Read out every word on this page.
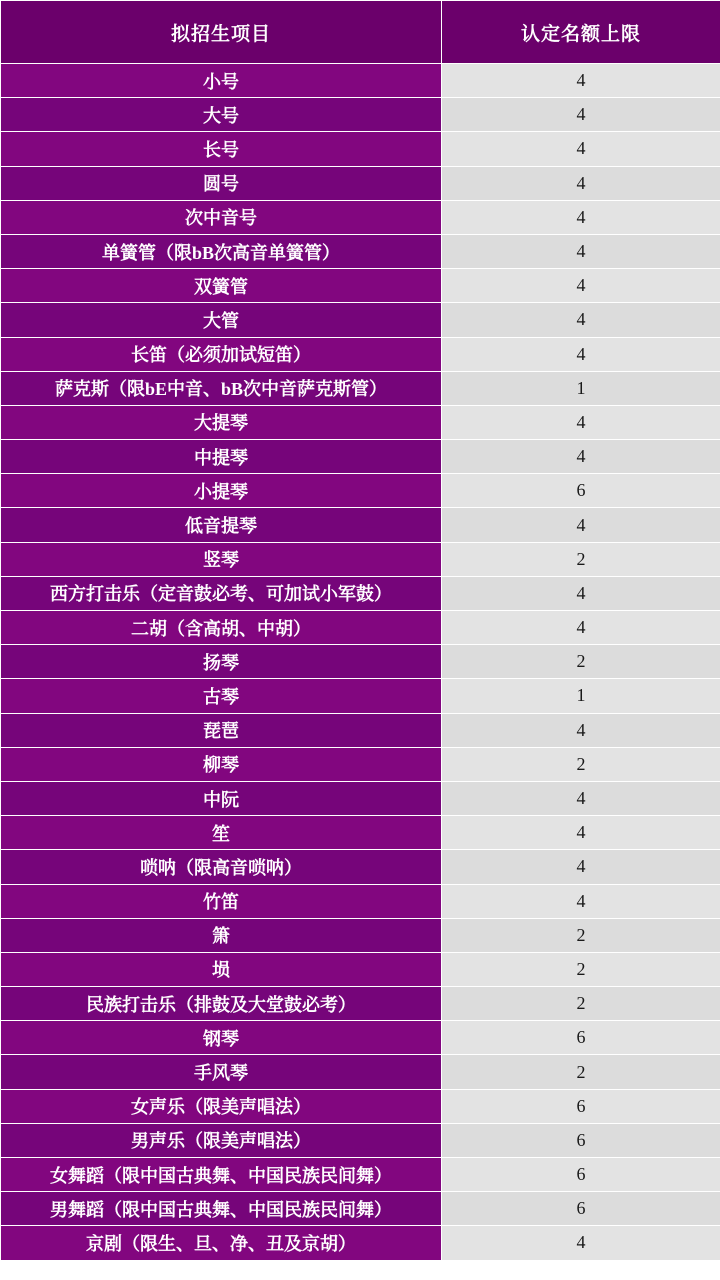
拟招生项目	认定名额上限
小号	4
大号	4
长号	4
圆号	4
次中音号	4
单簧管（限bB次高音单簧管）	4
双簧管	4
大管	4
长笛（必须加试短笛）	4
萨克斯（限bE中音、bB次中音萨克斯管）	1
大提琴	4
中提琴	4
小提琴	6
低音提琴	4
竖琴	2
西方打击乐（定音鼓必考、可加试小军鼓）	4
二胡（含高胡、中胡）	4
扬琴	2
古琴	1
琵琶	4
柳琴	2
中阮	4
笙	4
唢呐（限高音唢呐）	4
竹笛	4
箫	2
埙	2
民族打击乐（排鼓及大堂鼓必考）	2
钢琴	6
手风琴	2
女声乐（限美声唱法）	6
男声乐（限美声唱法）	6
女舞蹈（限中国古典舞、中国民族民间舞）	6
男舞蹈（限中国古典舞、中国民族民间舞）	6
京剧（限生、旦、净、丑及京胡）	4
